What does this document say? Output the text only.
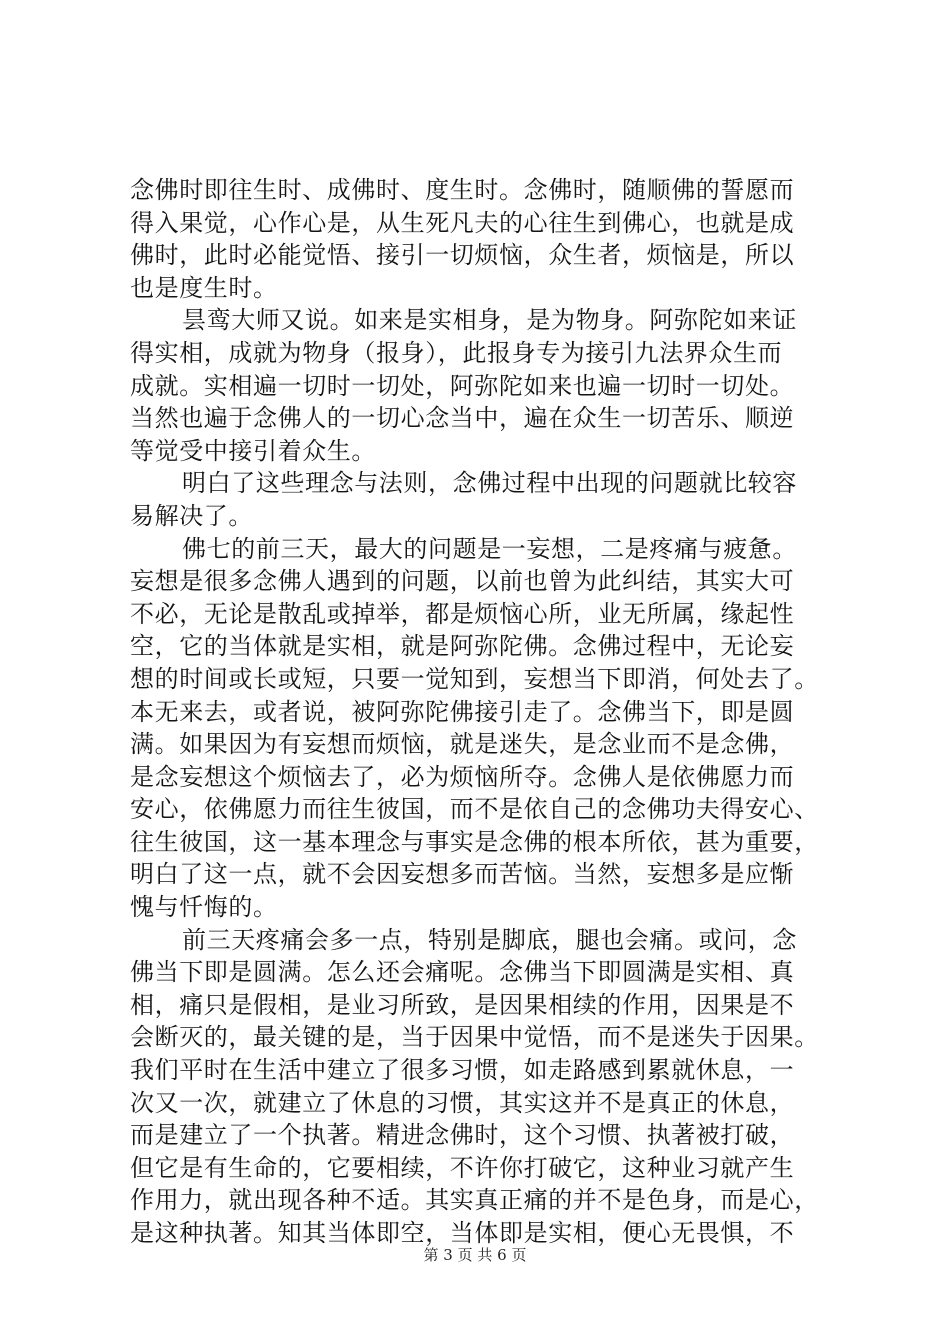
念佛时即往生时、成佛时、度生时。念佛时，随顺佛的誓愿而
得入果觉，心作心是，从生死凡夫的心往生到佛心，也就是成
佛时，此时必能觉悟、接引一切烦恼，众生者，烦恼是，所以
也是度生时。
昙鸾大师又说。如来是实相身，是为物身。阿弥陀如来证
得实相，成就为物身（报身），此报身专为接引九法界众生而
成就。实相遍一切时一切处，阿弥陀如来也遍一切时一切处。
当然也遍于念佛人的一切心念当中，遍在众生一切苦乐、顺逆
等觉受中接引着众生。
明白了这些理念与法则，念佛过程中出现的问题就比较容
易解决了。
佛七的前三天，最大的问题是一妄想，二是疼痛与疲惫。
妄想是很多念佛人遇到的问题，以前也曾为此纠结，其实大可
不必，无论是散乱或掉举，都是烦恼心所，业无所属，缘起性
空，它的当体就是实相，就是阿弥陀佛。念佛过程中，无论妄
想的时间或长或短，只要一觉知到，妄想当下即消，何处去了。
本无来去，或者说，被阿弥陀佛接引走了。念佛当下，即是圆
满。如果因为有妄想而烦恼，就是迷失，是念业而不是念佛，
是念妄想这个烦恼去了，必为烦恼所夺。念佛人是依佛愿力而
安心，依佛愿力而往生彼国，而不是依自己的念佛功夫得安心、
往生彼国，这一基本理念与事实是念佛的根本所依，甚为重要，
明白了这一点，就不会因妄想多而苦恼。当然，妄想多是应惭
愧与忏悔的。
前三天疼痛会多一点，特别是脚底，腿也会痛。或问，念
佛当下即是圆满。怎么还会痛呢。念佛当下即圆满是实相、真
相，痛只是假相，是业习所致，是因果相续的作用，因果是不
会断灭的，最关键的是，当于因果中觉悟，而不是迷失于因果。
我们平时在生活中建立了很多习惯，如走路感到累就休息，一
次又一次，就建立了休息的习惯，其实这并不是真正的休息，
而是建立了一个执著。精进念佛时，这个习惯、执著被打破，
但它是有生命的，它要相续，不许你打破它，这种业习就产生
作用力，就出现各种不适。其实真正痛的并不是色身，而是心，
是这种执著。知其当体即空，当体即是实相，便心无畏惧，不
第 3 页 共 6 页
